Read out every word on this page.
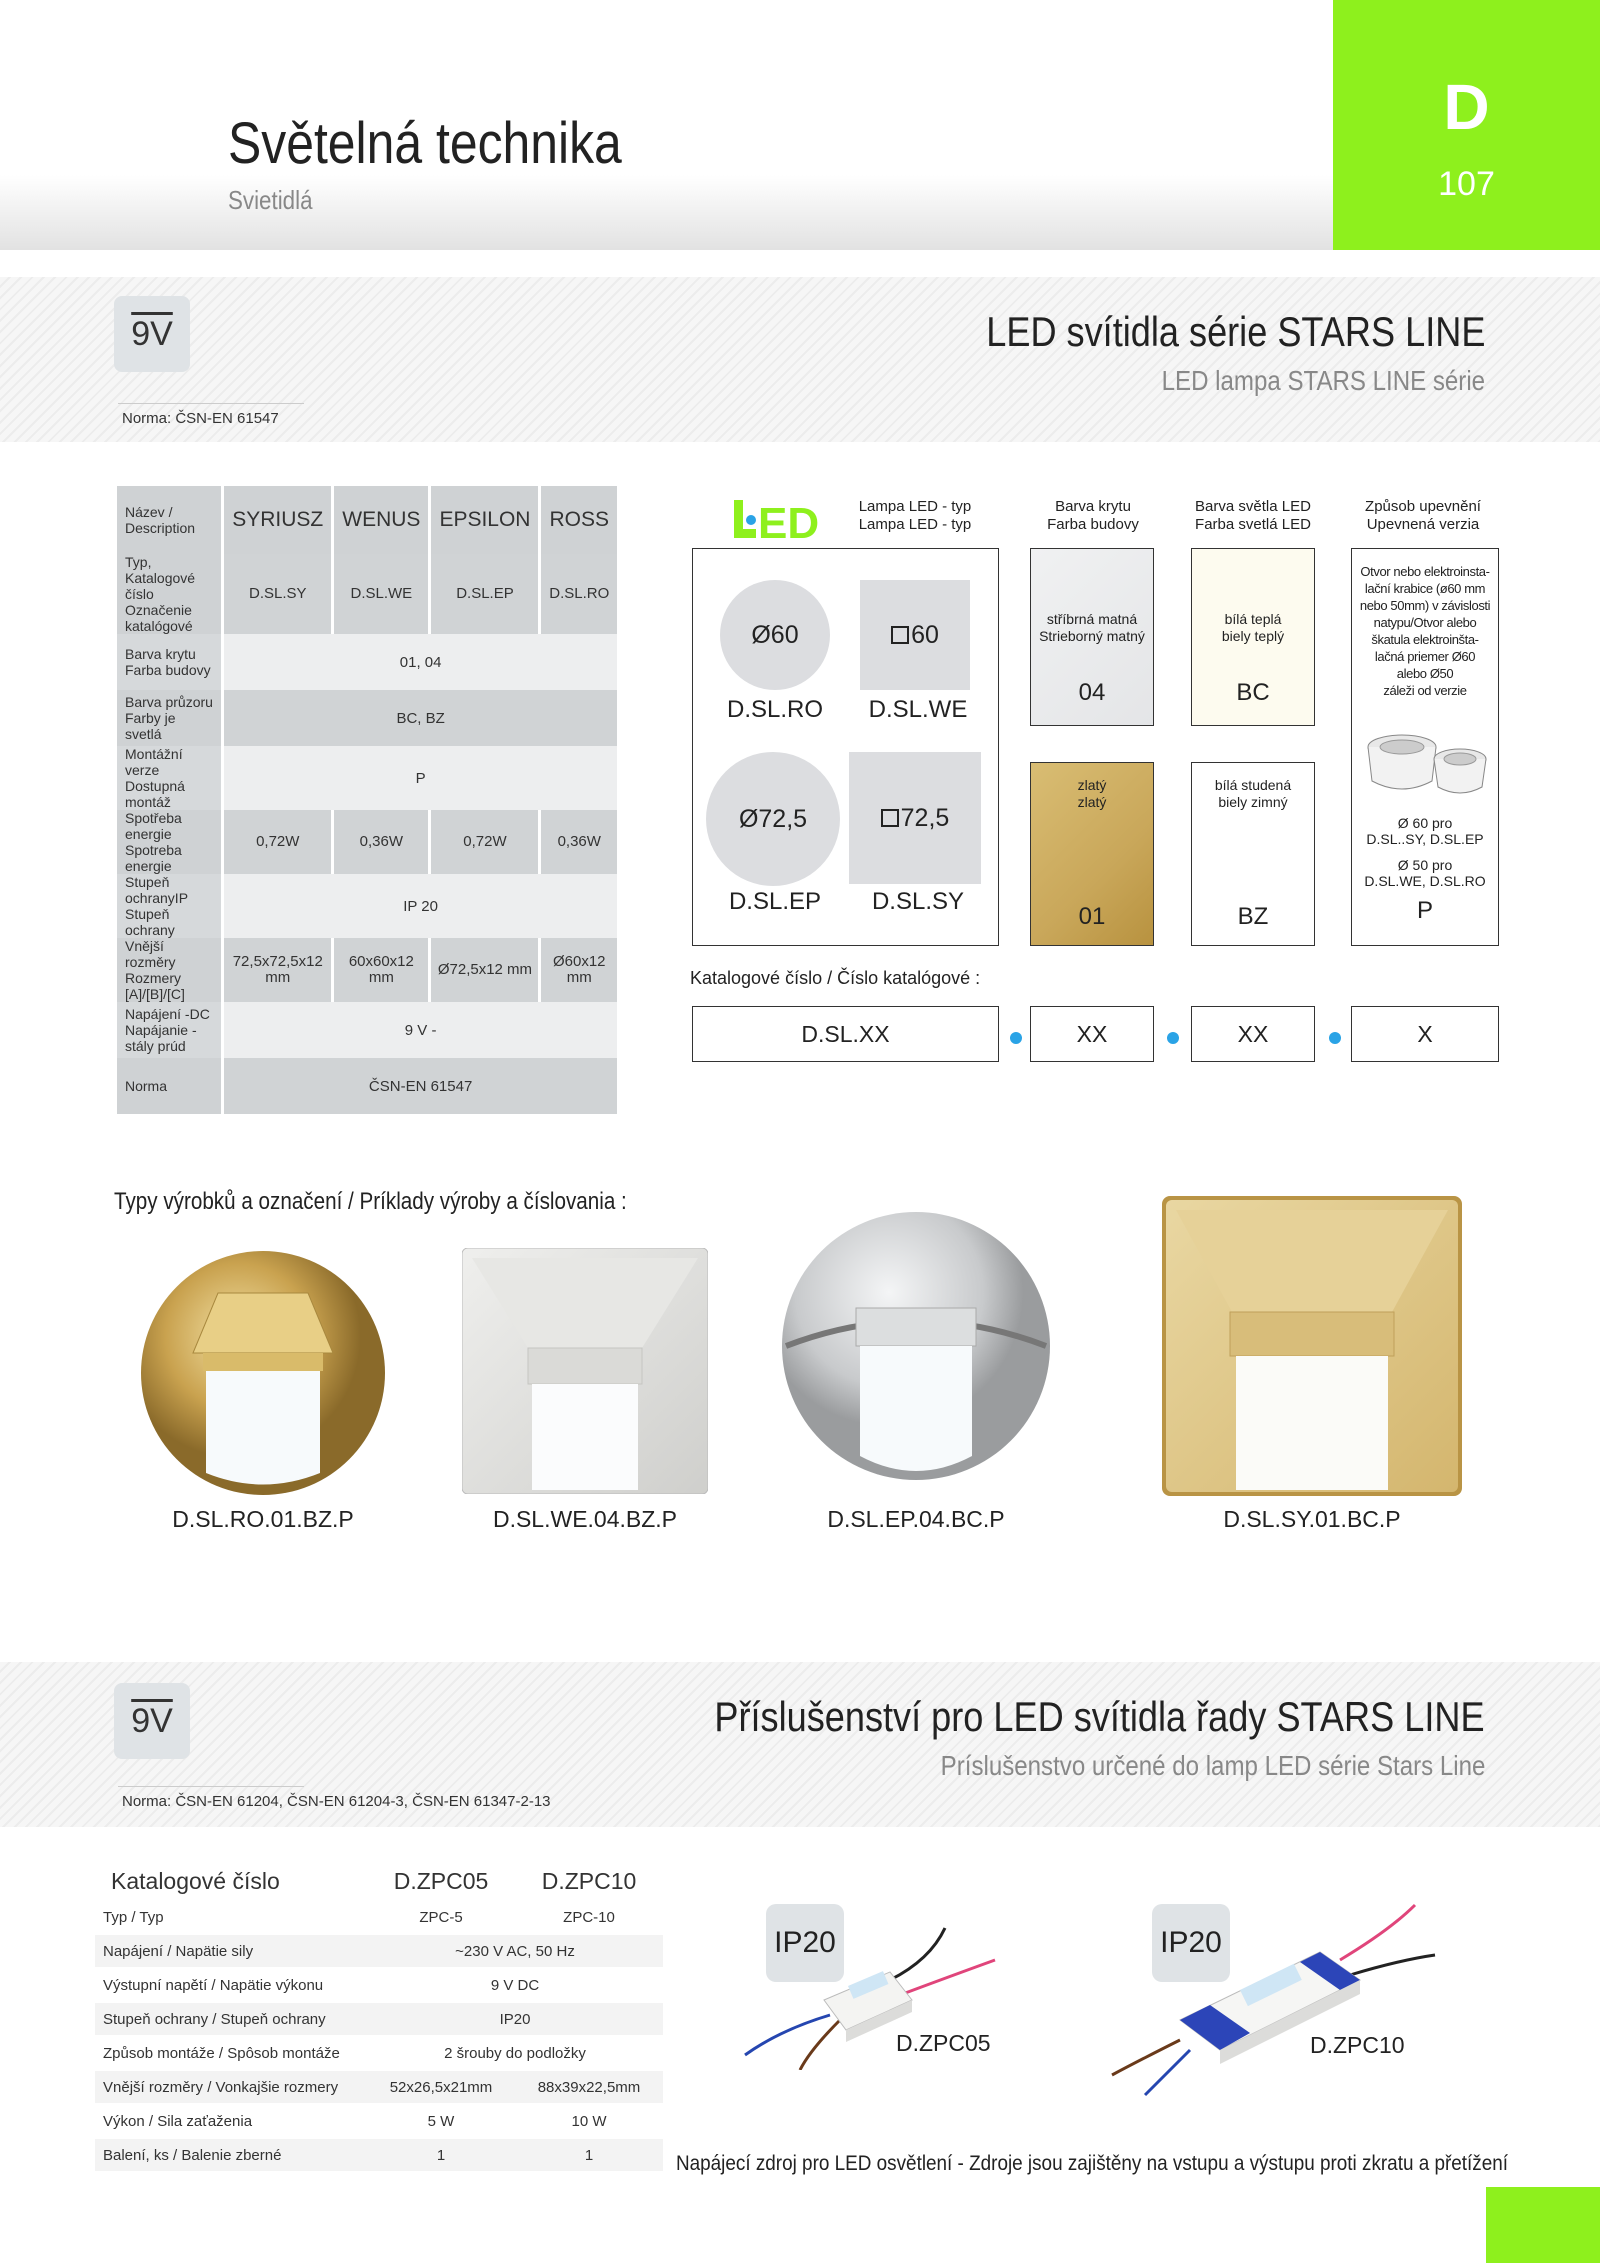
Světelná technika
Svietidlá
D
107
9V
Norma: ČSN-EN 61547
LED svítidla série STARS LINE
LED lampa STARS LINE série
Název / Description	SYRIUSZ	WENUS	EPSILON	ROSS
Typ, Katalogové číslo
Označenie katalógové	D.SL.SY	D.SL.WE	D.SL.EP	D.SL.RO
Barva krytu
Farba budovy	01, 04			
Barva průzoru
Farby je svetlá	BC, BZ			
Montážní verze
Dostupná montáž	P			
Spotřeba energie
Spotreba energie	0,72W	0,36W	0,72W	0,36W
Stupeň ochranyIP
Stupeň ochrany	IP 20			
Vnější rozměry
Rozmery [A]/[B]/[C]	72,5x72,5x12 mm	60x60x12 mm	Ø72,5x12 mm	Ø60x12 mm
Napájení -DC
Napájanie - stály prúd	9 V -			
Norma	ČSN-EN 61547			
ED	Lampa LED - typ
Lampa LED - typ
Barva krytu
Farba budovy
Barva světla LED
Farba svetlá LED
Způsob upevnění
Upevnená verzia
Ø60
D.SL.RO
60
D.SL.WE
Ø72,5
D.SL.EP
72,5
D.SL.SY
stříbrná matná
Strieborný matný
04
zlatý
zlatý
01
bílá teplá
biely teplý
BC
bílá studená
biely zimný
BZ
Otvor nebo elektroinsta-
lační krabice (ø60 mm
nebo 50mm) v závislosti
natypu/Otvor alebo
škatula elektroinšta-
lačná priemer Ø60
alebo Ø50
záleži od verzie
Ø 60 pro
D.SL..SY, D.SL.EP
Ø 50 pro
D.SL.WE, D.SL.RO
P
Katalogové číslo / Číslo katalógové :
D.SL.XX	XX	XX	X
Typy výrobků a označení / Príklady výroby a číslovania :
D.SL.RO.01.BZ.P	D.SL.WE.04.BZ.P	D.SL.EP.04.BC.P	D.SL.SY.01.BC.P
9V
Norma: ČSN-EN 61204, ČSN-EN 61204-3, ČSN-EN 61347-2-13
Příslušenství pro LED svítidla řady STARS LINE
Príslušenstvo určené do lamp LED série Stars Line
Katalogové číslo	D.ZPC05	D.ZPC10
Typ / Typ	ZPC-5	ZPC-10
Napájení / Napätie sily	~230 V AC, 50 Hz	
Výstupní napětí / Napätie výkonu	9 V DC	
Stupeň ochrany / Stupeň ochrany	IP20	
Způsob montáže / Spôsob montáže	2 šrouby do podložky	
Vnější rozměry / Vonkajšie rozmery	52x26,5x21mm	88x39x22,5mm
Výkon / Sila zaťaženia	5 W	10 W
Balení, ks / Balenie zberné	1	1
IP20
D.ZPC05
IP20
D.ZPC10
Napájecí zdroj pro LED osvětlení - Zdroje jsou zajištěny na vstupu a výstupu proti zkratu a přetížení
